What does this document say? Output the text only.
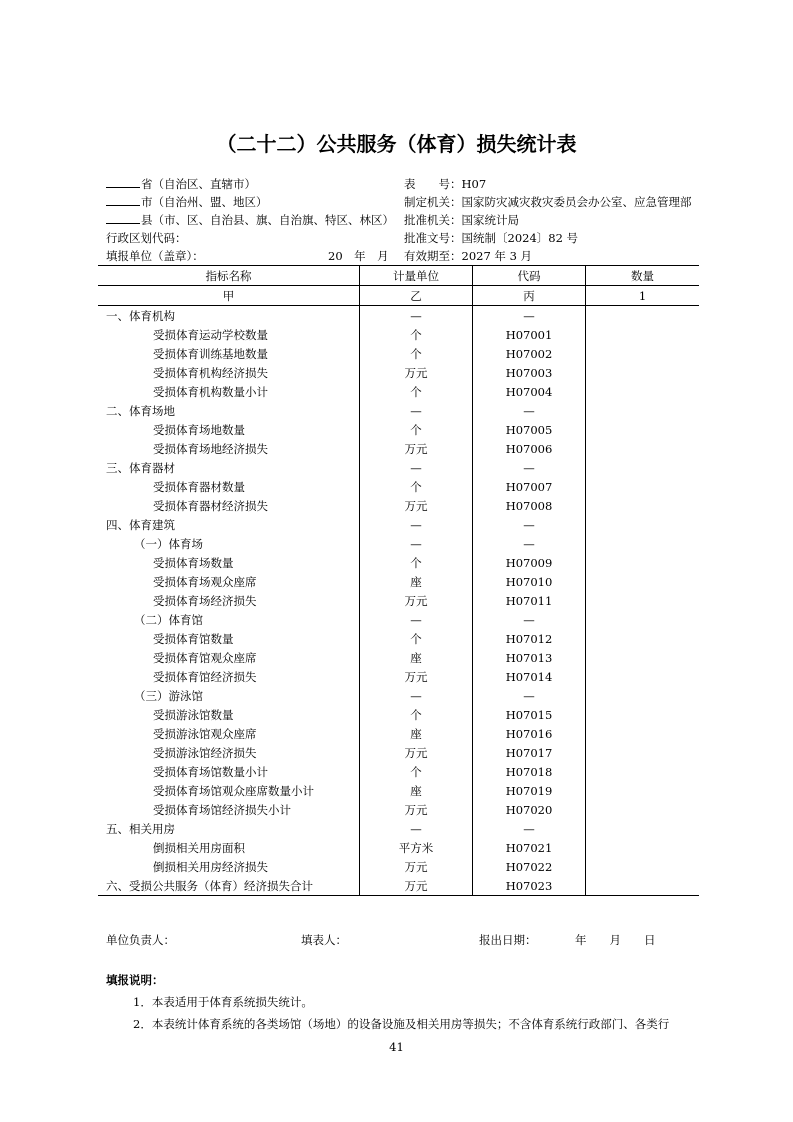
（二十二）公共服务（体育）损失统计表
省（自治区、直辖市）
市（自治州、盟、地区）
县（市、区、自治县、旗、自治旗、特区、林区）
行政区划代码：
填报单位（盖章）：	20　年　月
表　　号：H07
制定机关：国家防灾减灾救灾委员会办公室、应急管理部
批准机关：国家统计局
批准文号：国统制〔2024〕82 号
有效期至：2027 年 3 月
指标名称	计量单位	代码	数量
甲	乙	丙	1
一、体育机构	—	—	
受损体育运动学校数量	个	H07001	
受损体育训练基地数量	个	H07002	
受损体育机构经济损失	万元	H07003	
受损体育机构数量小计	个	H07004	
二、体育场地	—	—	
受损体育场地数量	个	H07005	
受损体育场地经济损失	万元	H07006	
三、体育器材	—	—	
受损体育器材数量	个	H07007	
受损体育器材经济损失	万元	H07008	
四、体育建筑	—	—	
（一）体育场	—	—	
受损体育场数量	个	H07009	
受损体育场观众座席	座	H07010	
受损体育场经济损失	万元	H07011	
（二）体育馆	—	—	
受损体育馆数量	个	H07012	
受损体育馆观众座席	座	H07013	
受损体育馆经济损失	万元	H07014	
（三）游泳馆	—	—	
受损游泳馆数量	个	H07015	
受损游泳馆观众座席	座	H07016	
受损游泳馆经济损失	万元	H07017	
受损体育场馆数量小计	个	H07018	
受损体育场馆观众座席数量小计	座	H07019	
受损体育场馆经济损失小计	万元	H07020	
五、相关用房	—	—	
倒损相关用房面积	平方米	H07021	
倒损相关用房经济损失	万元	H07022	
六、受损公共服务（体育）经济损失合计	万元	H07023	
单位负责人：	填表人：	报出日期：	年　　月　　日
填报说明：
1．本表适用于体育系统损失统计。
2．本表统计体育系统的各类场馆（场地）的设备设施及相关用房等损失；不含体育系统行政部门、各类行
41
